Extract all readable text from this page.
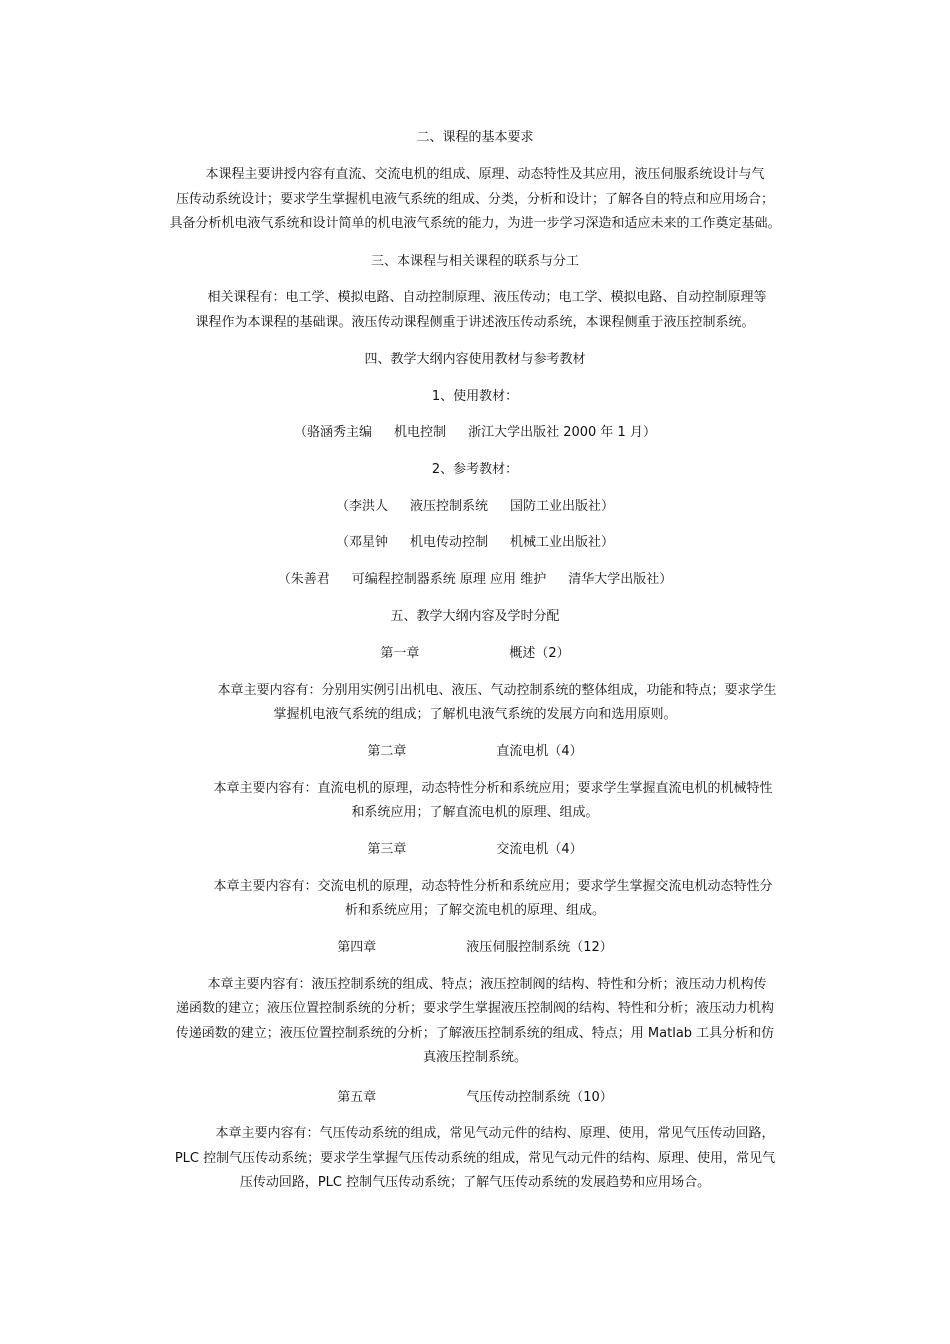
二、课程的基本要求
本课程主要讲授内容有直流、交流电机的组成、原理、动态特性及其应用，液压伺服系统设计与气
压传动系统设计；要求学生掌握机电液气系统的组成、分类，分析和设计；了解各自的特点和应用场合；
具备分析机电液气系统和设计简单的机电液气系统的能力，为进一步学习深造和适应未来的工作奠定基础。
三、本课程与相关课程的联系与分工
相关课程有：电工学、模拟电路、自动控制原理、液压传动；电工学、模拟电路、自动控制原理等
课程作为本课程的基础课。液压传动课程侧重于讲述液压传动系统，本课程侧重于液压控制系统。
四、教学大纲内容使用教材与参考教材
1、使用教材：
（骆涵秀主编 机电控制 浙江大学出版社 2000 年 1 月）
2、参考教材：
（李洪人 液压控制系统 国防工业出版社）
（邓星钟 机电传动控制 机械工业出版社）
（朱善君 可编程控制器系统 原理 应用 维护 清华大学出版社）
五、教学大纲内容及学时分配
第一章	概述（2）
本章主要内容有：分别用实例引出机电、液压、气动控制系统的整体组成，功能和特点；要求学生
掌握机电液气系统的组成；了解机电液气系统的发展方向和选用原则。
第二章	直流电机（4）
本章主要内容有：直流电机的原理，动态特性分析和系统应用；要求学生掌握直流电机的机械特性
和系统应用；了解直流电机的原理、组成。
第三章	交流电机（4）
本章主要内容有：交流电机的原理，动态特性分析和系统应用；要求学生掌握交流电机动态特性分
析和系统应用；了解交流电机的原理、组成。
第四章	液压伺服控制系统（12）
本章主要内容有：液压控制系统的组成、特点；液压控制阀的结构、特性和分析；液压动力机构传
递函数的建立；液压位置控制系统的分析；要求学生掌握液压控制阀的结构、特性和分析；液压动力机构
传递函数的建立；液压位置控制系统的分析；了解液压控制系统的组成、特点；用 Matlab 工具分析和仿
真液压控制系统。
第五章	气压传动控制系统（10）
本章主要内容有：气压传动系统的组成，常见气动元件的结构、原理、使用，常见气压传动回路，
PLC 控制气压传动系统；要求学生掌握气压传动系统的组成，常见气动元件的结构、原理、使用，常见气
压传动回路，PLC 控制气压传动系统；了解气压传动系统的发展趋势和应用场合。
